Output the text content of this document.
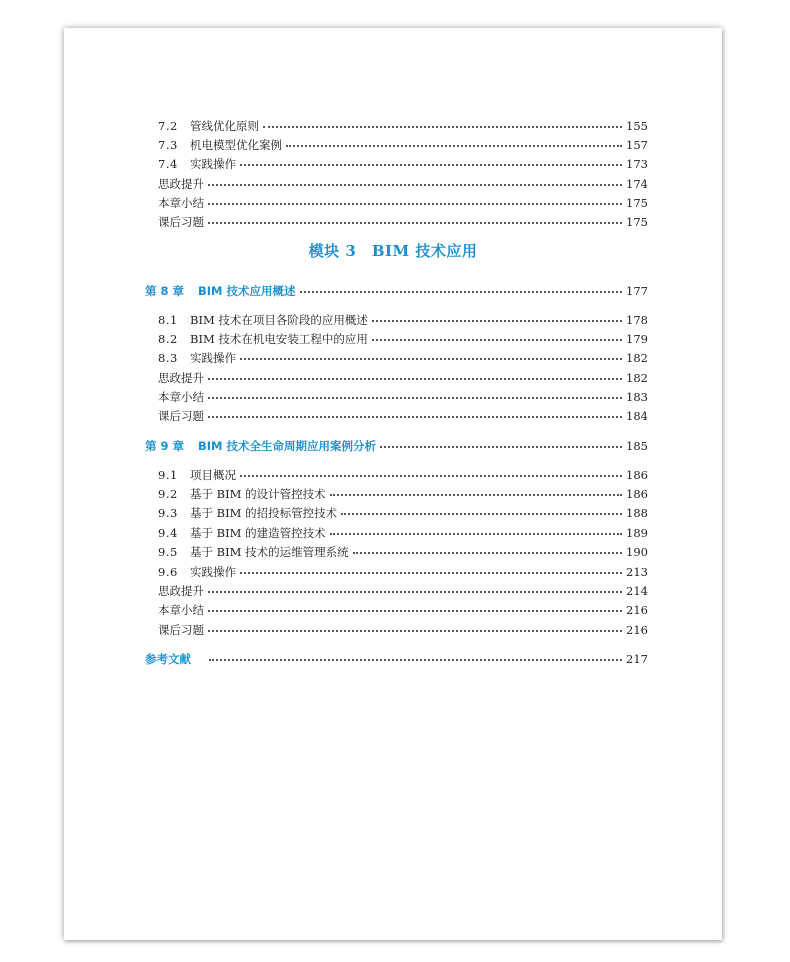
7.2	管线优化原则	155
7.3	机电模型优化案例	157
7.4	实践操作	173
思政提升	174
本章小结	175
课后习题	175
模块 3　BIM 技术应用
第 8 章 BIM 技术应用概述	177
8.1	BIM 技术在项目各阶段的应用概述	178
8.2	BIM 技术在机电安装工程中的应用	179
8.3	实践操作	182
思政提升	182
本章小结	183
课后习题	184
第 9 章 BIM 技术全生命周期应用案例分析	185
9.1	项目概况	186
9.2	基于 BIM 的设计管控技术	186
9.3	基于 BIM 的招投标管控技术	188
9.4	基于 BIM 的建造管控技术	189
9.5	基于 BIM 技术的运维管理系统	190
9.6	实践操作	213
思政提升	214
本章小结	216
课后习题	216
参考文献	217
